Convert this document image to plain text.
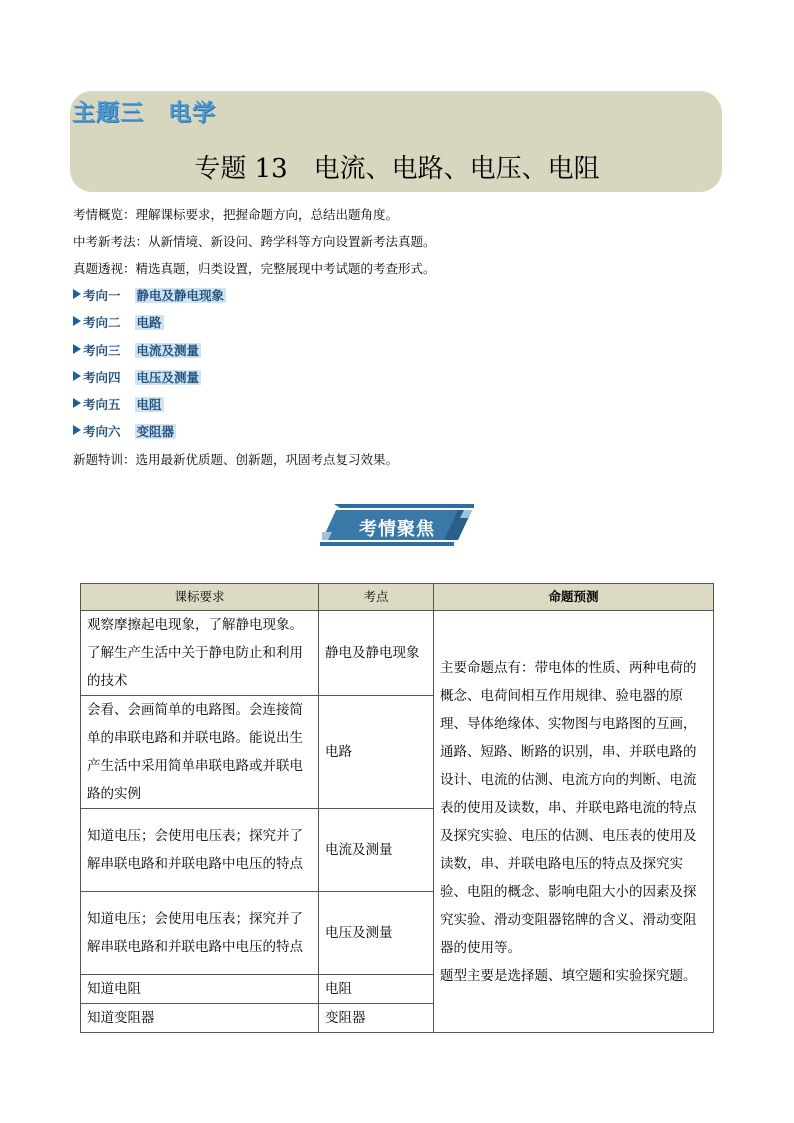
主题三　电学
专题 13　电流、电路、电压、电阻
考情概览：理解课标要求，把握命题方向，总结出题角度。
中考新考法：从新情境、新设问、跨学科等方向设置新考法真题。
真题透视：精选真题，归类设置，完整展现中考试题的考查形式。
考向一 静电及静电现象
考向二 电路
考向三 电流及测量
考向四 电压及测量
考向五 电阻
考向六 变阻器
新题特训：选用最新优质题、创新题，巩固考点复习效果。
考情聚焦
课标要求	考点	命题预测
观察摩擦起电现象，了解静电现象。了解生产生活中关于静电防止和利用的技术	静电及静电现象	主要命题点有：带电体的性质、两种电荷的概念、电荷间相互作用规律、验电器的原理、导体绝缘体、实物图与电路图的互画，通路、短路、断路的识别，串、并联电路的设计、电流的估测、电流方向的判断、电流表的使用及读数，串、并联电路电流的特点及探究实验、电压的估测、电压表的使用及读数，串、并联电路电压的特点及探究实验、电阻的概念、影响电阻大小的因素及探究实验、滑动变阻器铭牌的含义、滑动变阻器的使用等。
题型主要是选择题、填空题和实验探究题。
会看、会画简单的电路图。会连接简单的串联电路和并联电路。能说出生产生活中采用简单串联电路或并联电路的实例	电路	
知道电压；会使用电压表；探究并了解串联电路和并联电路中电压的特点	电流及测量	
知道电压；会使用电压表；探究并了解串联电路和并联电路中电压的特点	电压及测量	
知道电阻	电阻	
知道变阻器	变阻器	
